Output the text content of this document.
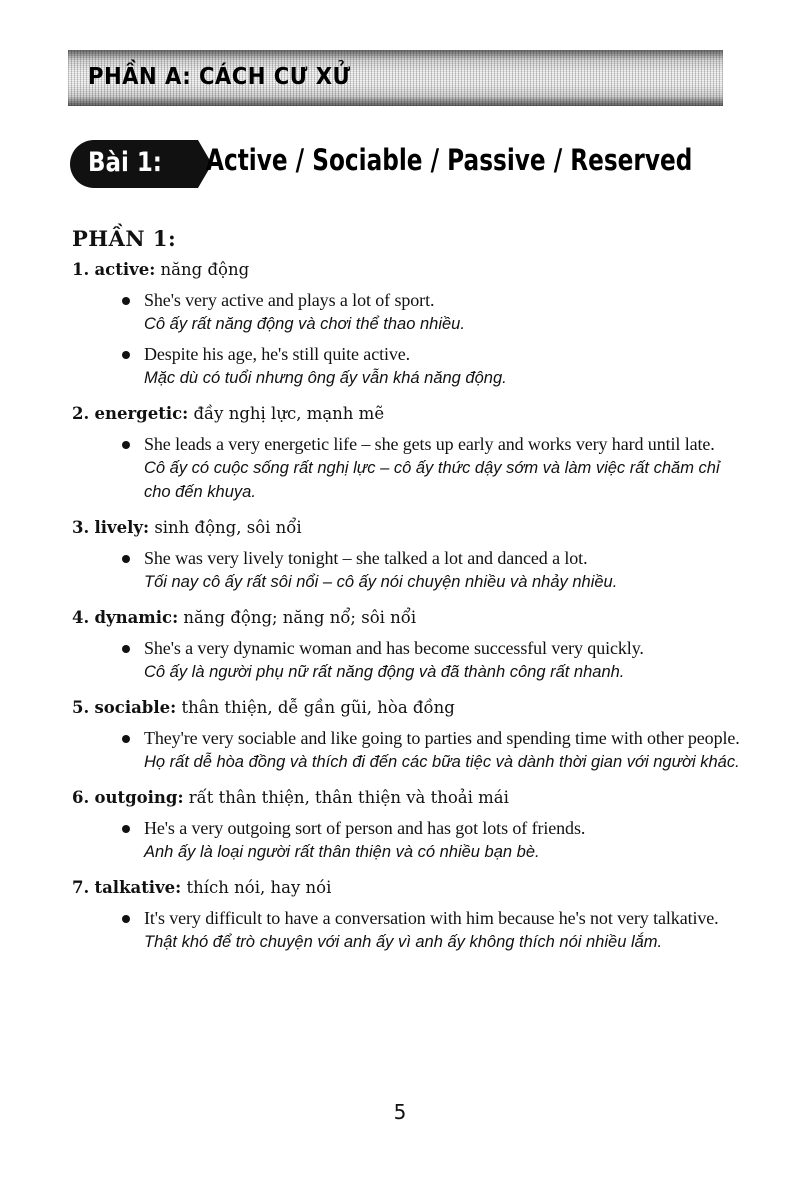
PHẦN A: CÁCH CƯ XỬ
Bài 1: Active / Sociable / Passive / Reserved
PHẦN 1:
1. active: năng động
She's very active and plays a lot of sport.
Cô ấy rất năng động và chơi thể thao nhiều.
Despite his age, he's still quite active.
Mặc dù có tuổi nhưng ông ấy vẫn khá năng động.
2. energetic: đầy nghị lực, mạnh mẽ
She leads a very energetic life – she gets up early and works very hard until late.
Cô ấy có cuộc sống rất nghị lực – cô ấy thức dậy sớm và làm việc rất chăm chỉ cho đến khuya.
3. lively: sinh động, sôi nổi
She was very lively tonight – she talked a lot and danced a lot.
Tối nay cô ấy rất sôi nổi – cô ấy nói chuyện nhiều và nhảy nhiều.
4. dynamic: năng động; năng nổ; sôi nổi
She's a very dynamic woman and has become successful very quickly.
Cô ấy là người phụ nữ rất năng động và đã thành công rất nhanh.
5. sociable: thân thiện, dễ gần gũi, hòa đồng
They're very sociable and like going to parties and spending time with other people.
Họ rất dễ hòa đồng và thích đi đến các bữa tiệc và dành thời gian với người khác.
6. outgoing: rất thân thiện, thân thiện và thoải mái
He's a very outgoing sort of person and has got lots of friends.
Anh ấy là loại người rất thân thiện và có nhiều bạn bè.
7. talkative: thích nói, hay nói
It's very difficult to have a conversation with him because he's not very talkative.
Thật khó để trò chuyện với anh ấy vì anh ấy không thích nói nhiều lắm.
5
